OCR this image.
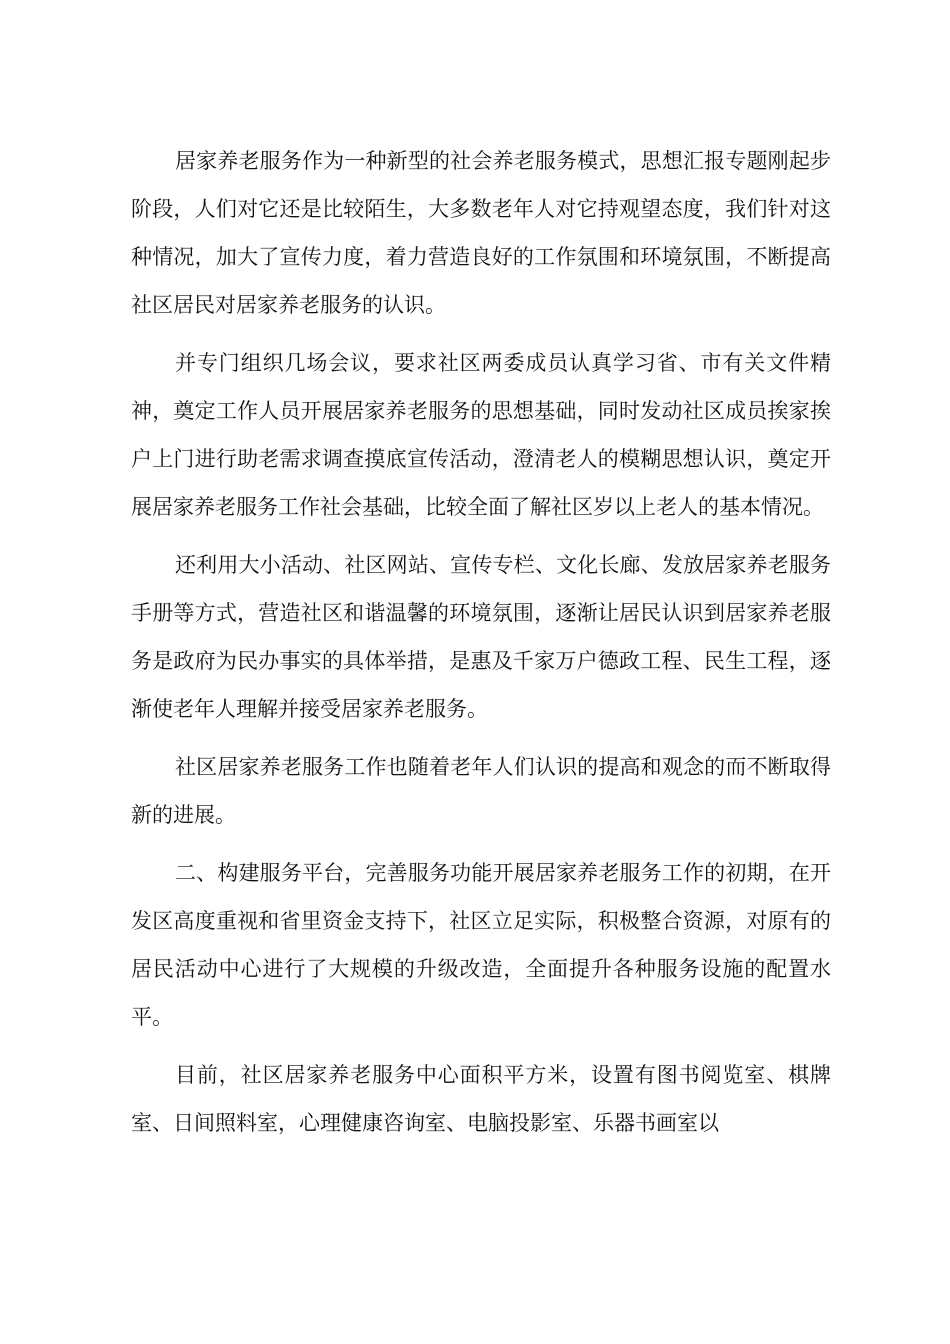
居家养老服务作为一种新型的社会养老服务模式，思想汇报专题刚起步阶段，人们对它还是比较陌生，大多数老年人对它持观望态度，我们针对这种情况，加大了宣传力度，着力营造良好的工作氛围和环境氛围，不断提高社区居民对居家养老服务的认识。

并专门组织几场会议，要求社区两委成员认真学习省、市有关文件精神，奠定工作人员开展居家养老服务的思想基础，同时发动社区成员挨家挨户上门进行助老需求调查摸底宣传活动，澄清老人的模糊思想认识，奠定开展居家养老服务工作社会基础，比较全面了解社区岁以上老人的基本情况。

还利用大小活动、社区网站、宣传专栏、文化长廊、发放居家养老服务手册等方式，营造社区和谐温馨的环境氛围，逐渐让居民认识到居家养老服务是政府为民办事实的具体举措，是惠及千家万户德政工程、民生工程，逐渐使老年人理解并接受居家养老服务。

社区居家养老服务工作也随着老年人们认识的提高和观念的而不断取得新的进展。

二、构建服务平台，完善服务功能开展居家养老服务工作的初期，在开发区高度重视和省里资金支持下，社区立足实际，积极整合资源，对原有的居民活动中心进行了大规模的升级改造，全面提升各种服务设施的配置水平。

目前，社区居家养老服务中心面积平方米，设置有图书阅览室、棋牌室、日间照料室，心理健康咨询室、电脑投影室、乐器书画室以
